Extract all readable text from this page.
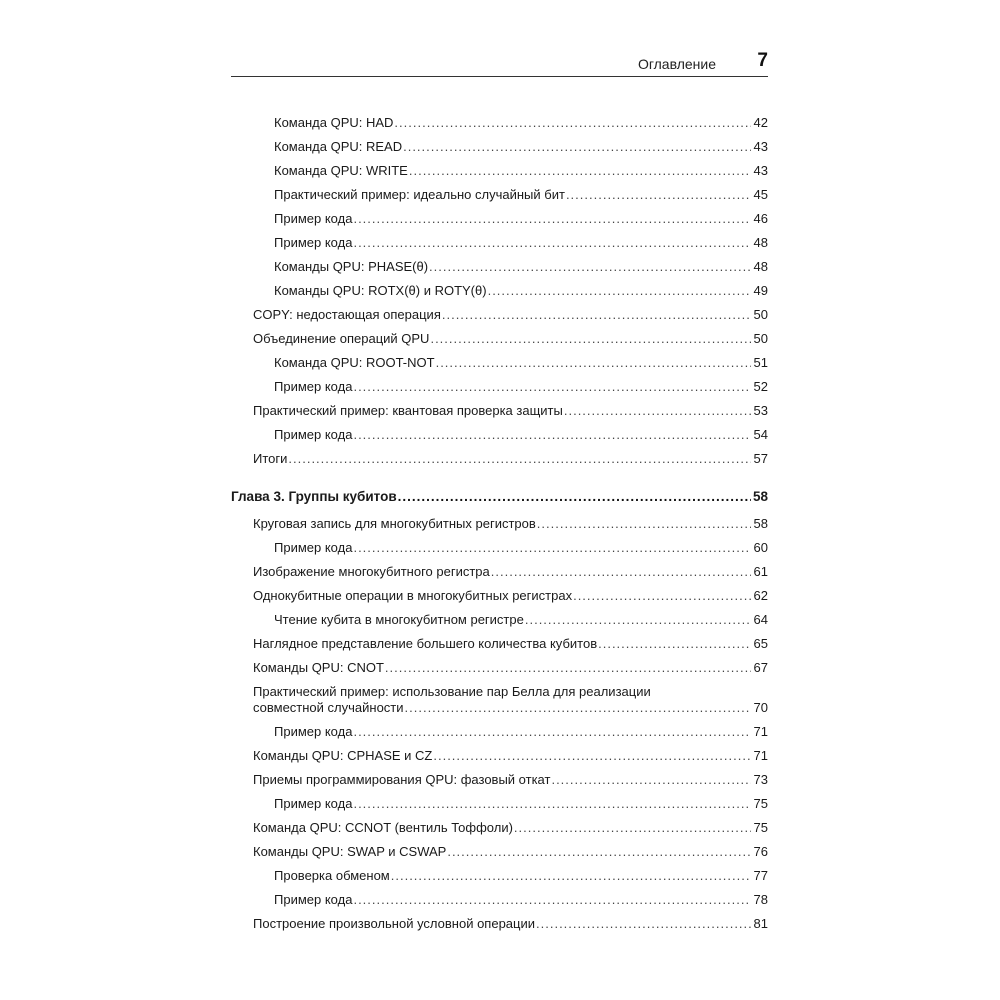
Оглавление 7
Команда QPU: HAD .....	42
Команда QPU: READ .....	43
Команда QPU: WRITE .....	43
Практический пример: идеально случайный бит .....	45
Пример кода .....	46
Пример кода .....	48
Команды QPU: PHASE(θ) .....	48
Команды QPU: ROTX(θ) и ROTY(θ) .....	49
COPY: недостающая операция .....	50
Объединение операций QPU .....	50
Команда QPU: ROOT-NOT .....	51
Пример кода .....	52
Практический пример: квантовая проверка защиты .....	53
Пример кода .....	54
Итоги .....	57
Глава 3. Группы кубитов .....	58
Круговая запись для многокубитных регистров .....	58
Пример кода .....	60
Изображение многокубитного регистра .....	61
Однокубитные операции в многокубитных регистрах .....	62
Чтение кубита в многокубитном регистре .....	64
Наглядное представление большего количества кубитов .....	65
Команды QPU: CNOT .....	67
Практический пример: использование пар Белла для реализации
совместной случайности .....	70
Пример кода .....	71
Команды QPU: CPHASE и CZ .....	71
Приемы программирования QPU: фазовый откат .....	73
Пример кода .....	75
Команда QPU: CCNOT (вентиль Тоффоли) .....	75
Команды QPU: SWAP и CSWAP .....	76
Проверка обменом .....	77
Пример кода .....	78
Построение произвольной условной операции .....	81
